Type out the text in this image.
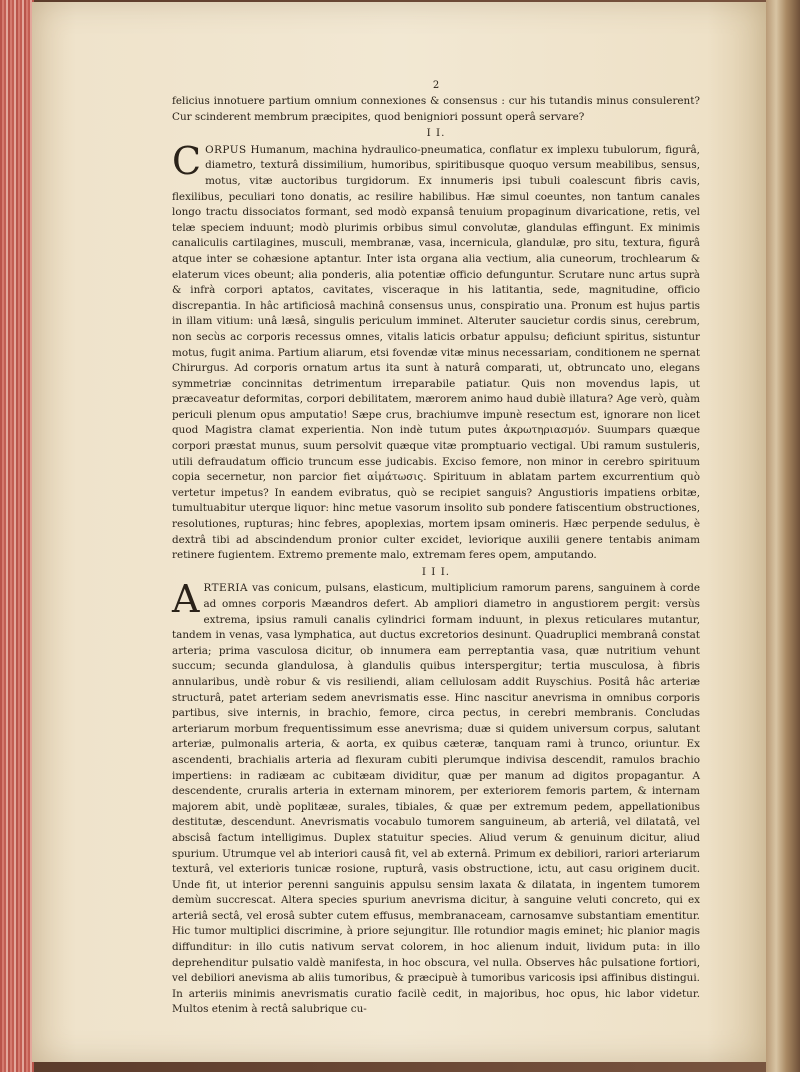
2

felicius innotuere partium omnium connexiones & consensus : cur his tutandis minus consulerent? Cur scinderent membrum præcipites, quod benigniori possunt operâ servare?

I I.

CORPUS Humanum, machina hydraulico-pneumatica, conflatur ex implexu tubulorum, figurâ, diametro, texturâ dissimilium, humoribus, spiritibusque quoquo versum meabilibus, sensus, motus, vitæ auctoribus turgidorum. Ex innumeris ipsi tubuli coalescunt fibris cavis, flexilibus, peculiari tono donatis, ac resilire habilibus. Hæ simul coeuntes, non tantum canales longo tractu dissociatos formant, sed modò expansâ tenuium propaginum divaricatione, retis, vel telæ speciem induunt; modò plurimis orbibus simul convolutæ, glandulas effingunt. Ex minimis canaliculis cartilagines, musculi, membranæ, vasa, incernicula, glandulæ, pro situ, textura, figurâ atque inter se cohæsione aptantur. Inter ista organa alia vectium, alia cuneorum, trochlearum & elaterum vices obeunt; alia ponderis, alia potentiæ officio defunguntur. Scrutare nunc artus suprà & infrà corpori aptatos, cavitates, visceraque in his latitantia, sede, magnitudine, officio discrepantia. In hâc artificiosâ machinâ consensus unus, conspiratio una. Pronum est hujus partis in illam vitium: unâ læsâ, singulis periculum imminet. Alteruter saucietur cordis sinus, cerebrum, non secùs ac corporis recessus omnes, vitalis laticis orbatur appulsu; deficiunt spiritus, sistuntur motus, fugit anima. Partium aliarum, etsi fovendæ vitæ minus necessariam, conditionem ne spernat Chirurgus. Ad corporis ornatum artus ita sunt à naturâ comparati, ut, obtruncato uno, elegans symmetriæ concinnitas detrimentum irreparabile patiatur. Quis non movendus lapis, ut præcaveatur deformitas, corpori debilitatem, mærorem animo haud dubiè illatura? Age verò, quàm periculi plenum opus amputatio! Sæpe crus, brachiumve impunè resectum est, ignorare non licet quod Magistra clamat experientia. Non indè tutum putes ἀκρωτηριασμόν. Suumpars quæque corpori præstat munus, suum persolvit quæque vitæ promptuario vectigal. Ubi ramum sustuleris, utili defraudatum officio truncum esse judicabis. Exciso femore, non minor in cerebro spirituum copia secernetur, non parcior fiet αἱμάτωσις. Spirituum in ablatam partem excurrentium quò vertetur impetus? In eandem evibratus, quò se recipiet sanguis? Angustioris impatiens orbitæ, tumultuabitur uterque liquor: hinc metue vasorum insolito sub pondere fatiscentium obstructiones, resolutiones, rupturas; hinc febres, apoplexias, mortem ipsam omineris. Hæc perpende sedulus, è dextrâ tibi ad abscindendum pronior culter excidet, leviorique auxilii genere tentabis animam retinere fugientem. Extremo premente malo, extremam feres opem, amputando.

I I I.

ARTERIA vas conicum, pulsans, elasticum, multiplicium ramorum parens, sanguinem à corde ad omnes corporis Mæandros defert. Ab ampliori diametro in angustiorem pergit: versùs extrema, ipsius ramuli canalis cylindrici formam induunt, in plexus reticulares mutantur, tandem in venas, vasa lymphatica, aut ductus excretorios desinunt. Quadruplici membranâ constat arteria; prima vasculosa dicitur, ob innumera eam perreptantia vasa, quæ nutritium vehunt succum; secunda glandulosa, à glandulis quibus interspergitur; tertia musculosa, à fibris annularibus, undè robur & vis resiliendi, aliam cellulosam addit Ruyschius. Positâ hâc arteriæ structurâ, patet arteriam sedem anevrismatis esse. Hinc nascitur anevrisma in omnibus corporis partibus, sive internis, in brachio, femore, circa pectus, in cerebri membranis. Concludas arteriarum morbum frequentissimum esse anevrisma; duæ si quidem universum corpus, salutant arteriæ, pulmonalis arteria, & aorta, ex quibus cæteræ, tanquam rami à trunco, oriuntur. Ex ascendenti, brachialis arteria ad flexuram cubiti plerumque indivisa descendit, ramulos brachio impertiens: in radiæam ac cubitæam dividitur, quæ per manum ad digitos propagantur. A descendente, cruralis arteria in externam minorem, per exteriorem femoris partem, & internam majorem abit, undè poplitææ, surales, tibiales, & quæ per extremum pedem, appellationibus destitutæ, descendunt. Anevrismatis vocabulo tumorem sanguineum, ab arteriâ, vel dilatatâ, vel abscisâ factum intelligimus. Duplex statuitur species. Aliud verum & genuinum dicitur, aliud spurium. Utrumque vel ab interiori causâ fit, vel ab externâ. Primum ex debiliori, rariori arteriarum texturâ, vel exterioris tunicæ rosione, rupturâ, vasis obstructione, ictu, aut casu originem ducit. Unde fit, ut interior perenni sanguinis appulsu sensim laxata & dilatata, in ingentem tumorem demùm succrescat. Altera species spurium anevrisma dicitur, à sanguine veluti concreto, qui ex arteriâ sectâ, vel erosâ subter cutem effusus, membranaceam, carnosamve substantiam ementitur. Hic tumor multiplici discrimine, à priore sejungitur. Ille rotundior magis eminet; hic planior magis diffunditur: in illo cutis nativum servat colorem, in hoc alienum induit, lividum puta: in illo deprehenditur pulsatio valdè manifesta, in hoc obscura, vel nulla. Observes hâc pulsatione fortiori, vel debiliori anevisma ab aliis tumoribus, & præcipuè à tumoribus varicosis ipsi affinibus distingui. In arteriis minimis anevrismatis curatio facilè cedit, in majoribus, hoc opus, hic labor videtur. Multos etenim à rectâ salubrique cu-
